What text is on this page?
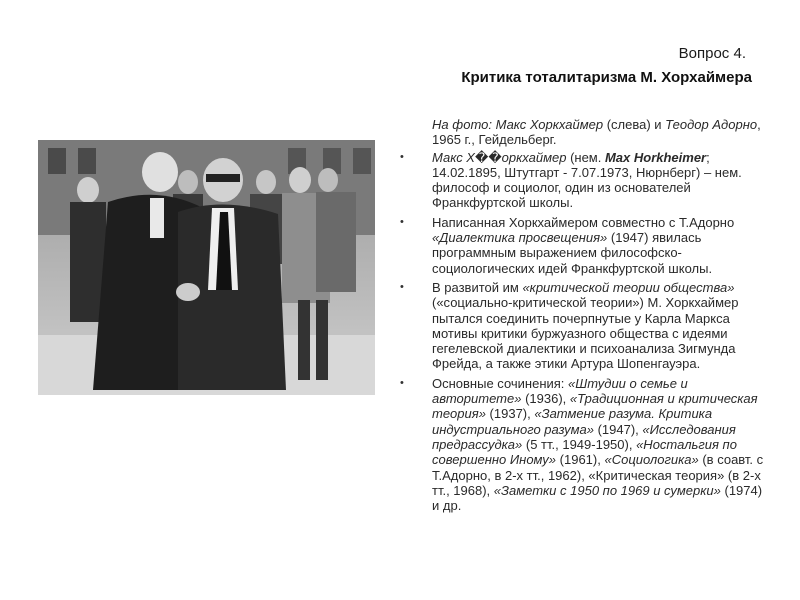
Вопрос 4.
Критика тоталитаризма М. Хорхаймера
На фото: Макс Хоркхаймер (слева) и Теодор Адорно, 1965 г., Гейдельберг.
• Макс Х��оркхаймер (нем. Max Horkheimer; 14.02.1895, Штутгарт - 7.07.1973, Нюрнберг) – нем. философ и социолог, один из основателей Франкфуртской школы.
• Написанная Хоркхаймером совместно с Т.Адорно «Диалектика просвещения» (1947) явилась программным выражением философско-социологических идей Франкфуртской школы.
• В развитой им «критической теории общества» («социально-критической теории») М. Хоркхаймер пытался соединить почерпнутые у Карла Маркса мотивы критики буржуазного общества с идеями гегелевской диалектики и психоанализа Зигмунда Фрейда, а также этики Артура Шопенгауэра.
• Основные сочинения: «Штудии о семье и авторитете» (1936), «Традиционная и критическая теория» (1937), «Затмение разума. Критика индустриального разума» (1947), «Исследования предрассудка» (5 тт., 1949-1950), «Ностальгия по совершенно Иному» (1961), «Социологика» (в соавт. с Т.Адорно, в 2-х тт., 1962), «Критическая теория» (в 2-х тт., 1968), «Заметки с 1950 по 1969 и сумерки» (1974) и др.
